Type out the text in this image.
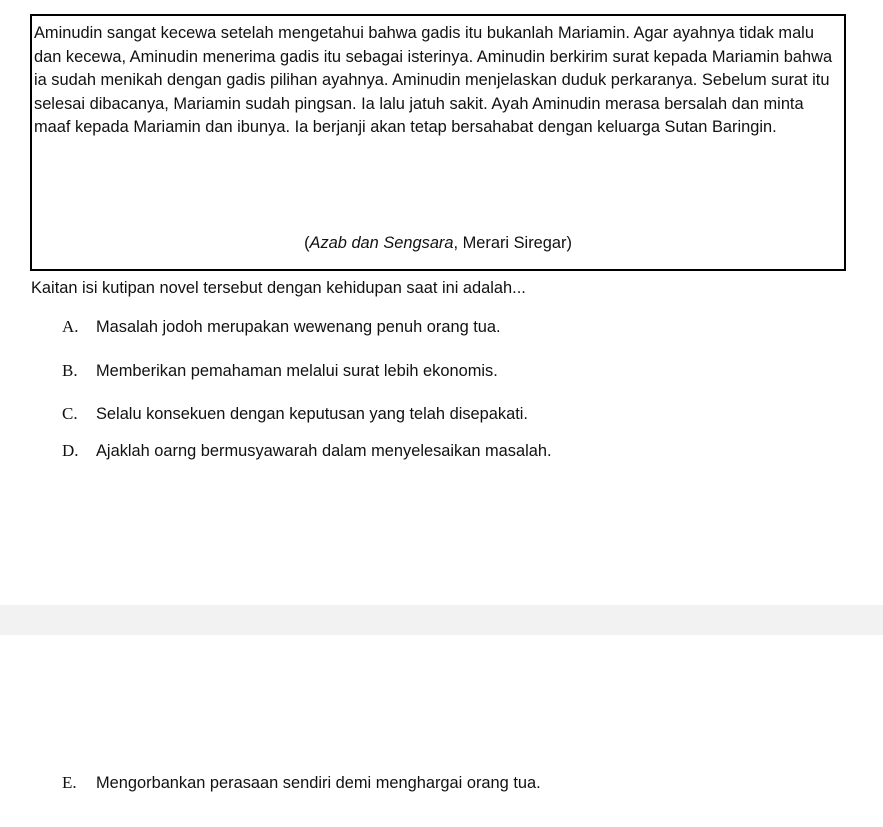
Aminudin sangat kecewa setelah mengetahui bahwa gadis itu bukanlah Mariamin. Agar ayahnya tidak malu dan kecewa, Aminudin menerima gadis itu sebagai isterinya. Aminudin berkirim surat kepada Mariamin bahwa ia sudah menikah dengan gadis pilihan ayahnya. Aminudin menjelaskan duduk perkaranya. Sebelum surat itu selesai dibacanya, Mariamin sudah pingsan. Ia lalu jatuh sakit. Ayah Aminudin merasa bersalah dan minta maaf kepada Mariamin dan ibunya. Ia berjanji akan tetap bersahabat dengan keluarga Sutan Baringin.

(Azab dan Sengsara, Merari Siregar)

Kaitan isi kutipan novel tersebut dengan kehidupan saat ini adalah...

A. Masalah jodoh merupakan wewenang penuh orang tua.
B. Memberikan pemahaman melalui surat lebih ekonomis.
C. Selalu konsekuen dengan keputusan yang telah disepakati.
D. Ajaklah oarng bermusyawarah dalam menyelesaikan masalah.
E. Mengorbankan perasaan sendiri demi menghargai orang tua.
